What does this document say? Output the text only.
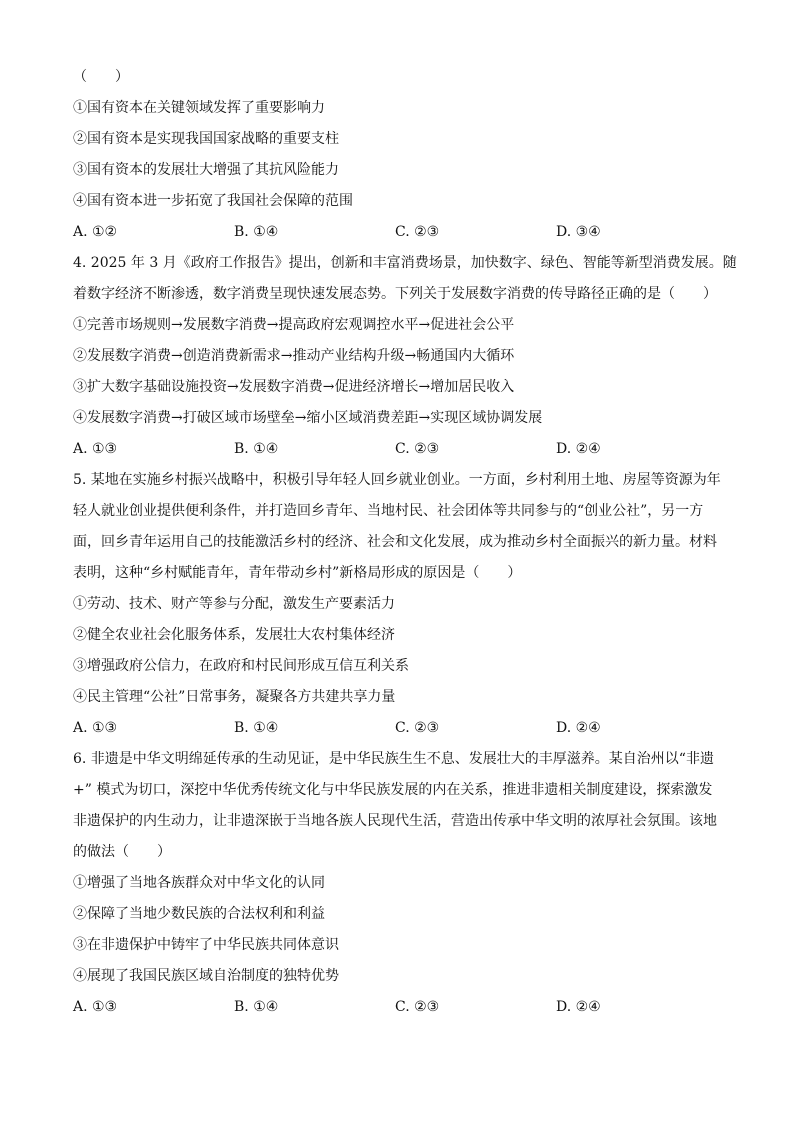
（　　）
①国有资本在关键领域发挥了重要影响力
②国有资本是实现我国国家战略的重要支柱
③国有资本的发展壮大增强了其抗风险能力
④国有资本进一步拓宽了我国社会保障的范围
A. ①②	B. ①④	C. ②③	D. ③④
4. 2025 年 3 月《政府工作报告》提出，创新和丰富消费场景，加快数字、绿色、智能等新型消费发展。随
着数字经济不断渗透，数字消费呈现快速发展态势。下列关于发展数字消费的传导路径正确的是（　　）
①完善市场规则→发展数字消费→提高政府宏观调控水平→促进社会公平
②发展数字消费→创造消费新需求→推动产业结构升级→畅通国内大循环
③扩大数字基础设施投资→发展数字消费→促进经济增长→增加居民收入
④发展数字消费→打破区域市场壁垒→缩小区域消费差距→实现区域协调发展
A. ①③	B. ①④	C. ②③	D. ②④
5. 某地在实施乡村振兴战略中，积极引导年轻人回乡就业创业。一方面，乡村利用土地、房屋等资源为年
轻人就业创业提供便利条件，并打造回乡青年、当地村民、社会团体等共同参与的“创业公社”，另一方
面，回乡青年运用自己的技能激活乡村的经济、社会和文化发展，成为推动乡村全面振兴的新力量。材料
表明，这种“乡村赋能青年，青年带动乡村”新格局形成的原因是（　　）
①劳动、技术、财产等参与分配，激发生产要素活力
②健全农业社会化服务体系，发展壮大农村集体经济
③增强政府公信力，在政府和村民间形成互信互利关系
④民主管理“公社”日常事务，凝聚各方共建共享力量
A. ①③	B. ①④	C. ②③	D. ②④
6. 非遗是中华文明绵延传承的生动见证，是中华民族生生不息、发展壮大的丰厚滋养。某自治州以“非遗
+” 模式为切口，深挖中华优秀传统文化与中华民族发展的内在关系，推进非遗相关制度建设，探索激发
非遗保护的内生动力，让非遗深嵌于当地各族人民现代生活，营造出传承中华文明的浓厚社会氛围。该地
的做法（　　）
①增强了当地各族群众对中华文化的认同
②保障了当地少数民族的合法权利和利益
③在非遗保护中铸牢了中华民族共同体意识
④展现了我国民族区域自治制度的独特优势
A. ①③	B. ①④	C. ②③	D. ②④
